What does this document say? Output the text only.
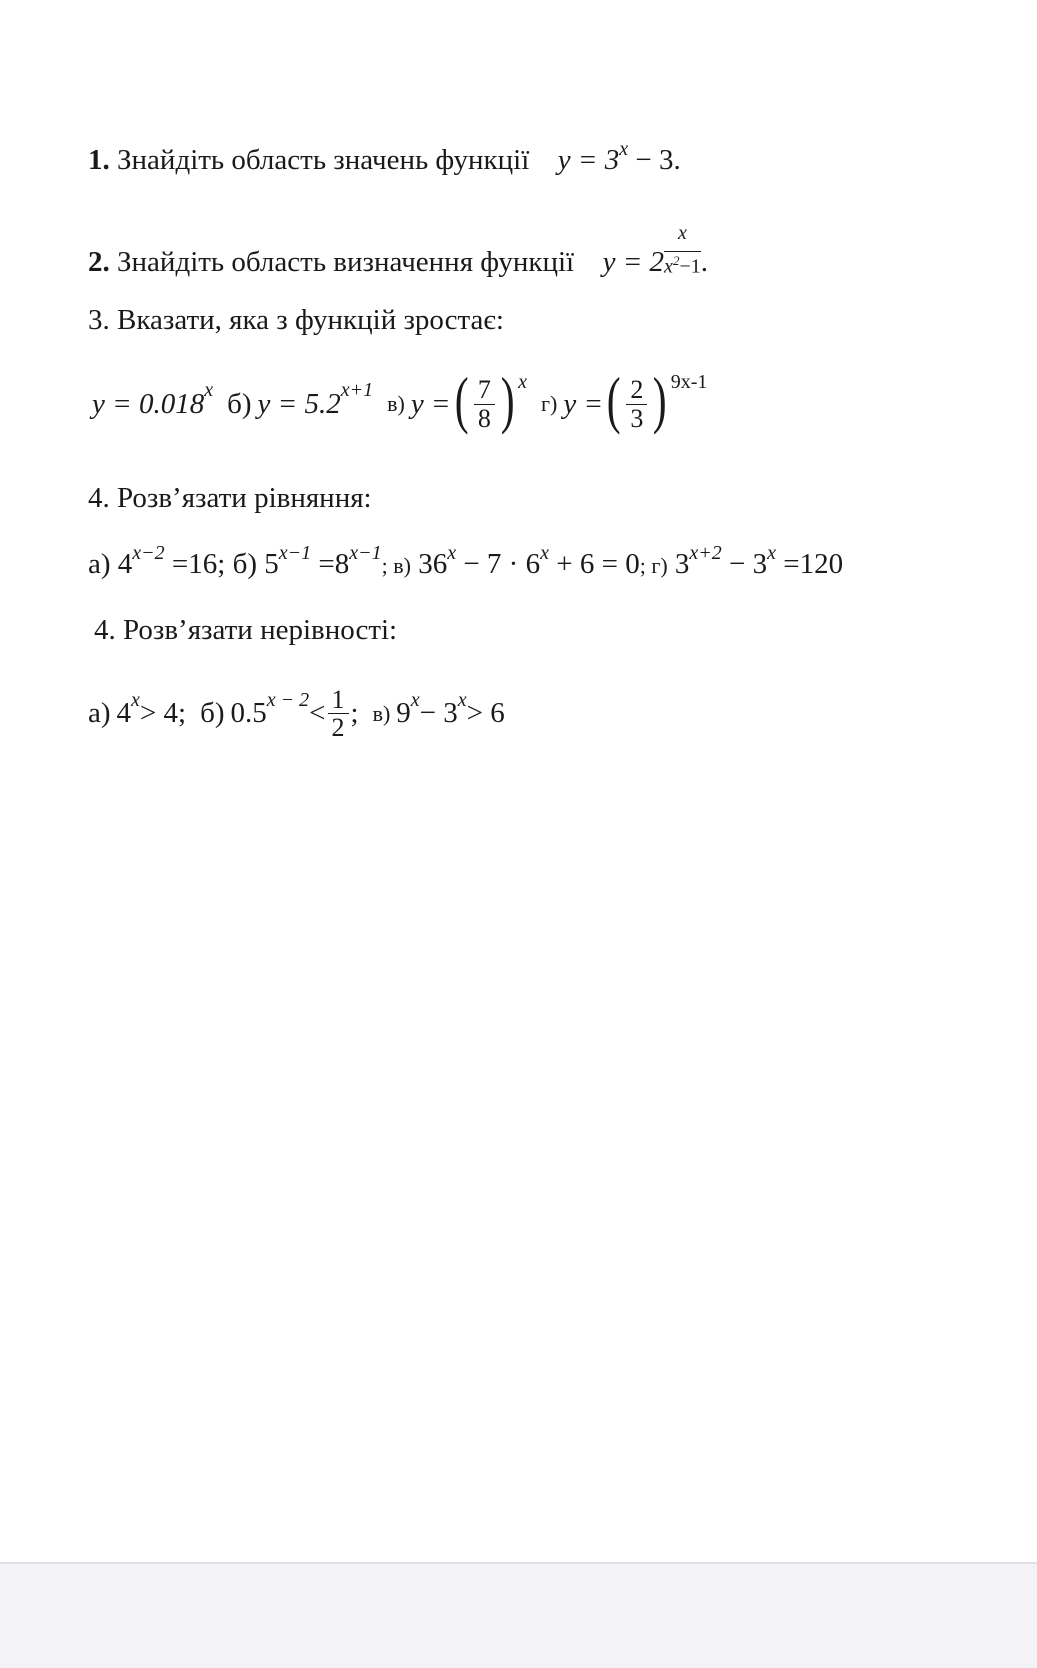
1. Знайдіть область значень функції $y = 3^x - 3$.
2. Знайдіть область визначення функції $y = 2 \frac{x}{x^2-1}$ .
3. Вказати, яка з функцій зростає:
y = 0.018 x б) y = 5.2 x+1
в) y = ( $\frac{7}{8}$ ) x
г) y = ( $\frac{2}{3}$ ) 9x-1
4. Розв’язати рівняння:
а) $4^{x-2} =16$; б) $5^{x-1} =8^{x-1}$; в) $36^x - 7 \cdot 6^x + 6 = 0$; г) $3^{x+2} - 3^x =120$
4. Розв’язати нерівності:
а) 4 x > 4; б) 0.5 $x - 2 < \frac{1}{2}$ ; в) 9 x − 3 x > 6
